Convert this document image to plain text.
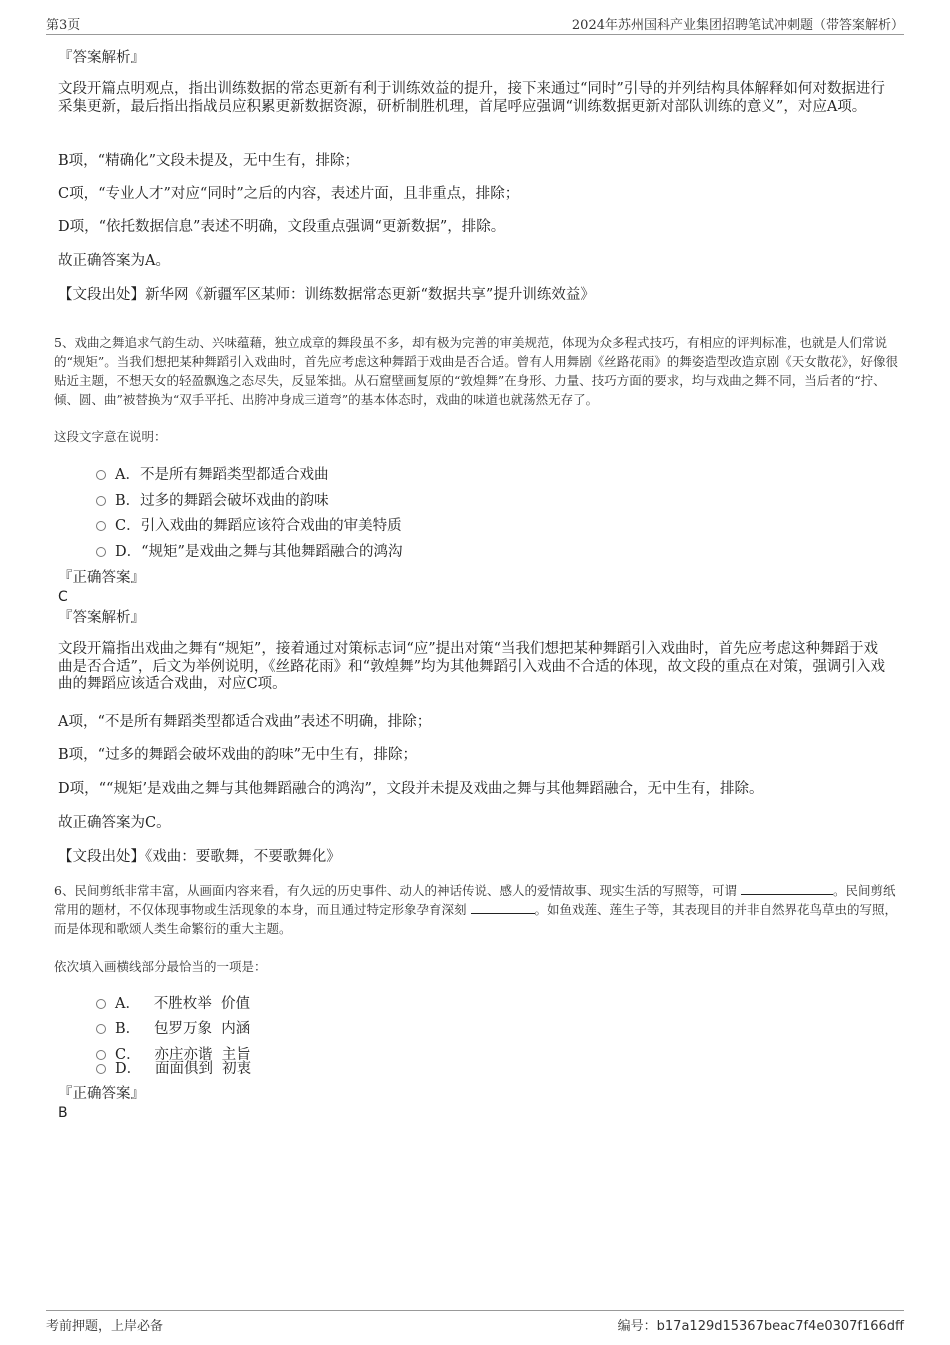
第3页	2024年苏州国科产业集团招聘笔试冲刺题（带答案解析）
『答案解析』
文段开篇点明观点，指出训练数据的常态更新有利于训练效益的提升，接下来通过“同时”引导的并列结构具体解释如何对数据进行采集更新，最后指出指战员应积累更新数据资源，研析制胜机理，首尾呼应强调“训练数据更新对部队训练的意义”，对应A项。
B项，“精确化”文段未提及，无中生有，排除；
C项，“专业人才”对应“同时”之后的内容，表述片面，且非重点，排除；
D项，“依托数据信息”表述不明确，文段重点强调“更新数据”，排除。
故正确答案为A。
【文段出处】新华网《新疆军区某师：训练数据常态更新“数据共享”提升训练效益》
5、戏曲之舞追求气韵生动、兴味蕴藉，独立成章的舞段虽不多，却有极为完善的审美规范，体现为众多程式技巧，有相应的评判标准，也就是人们常说的“规矩”。当我们想把某种舞蹈引入戏曲时，首先应考虑这种舞蹈于戏曲是否合适。曾有人用舞剧《丝路花雨》的舞姿造型改造京剧《天女散花》，好像很贴近主题，不想天女的轻盈飘逸之态尽失，反显笨拙。从石窟壁画复原的“敦煌舞”在身形、力量、技巧方面的要求，均与戏曲之舞不同，当后者的“拧、倾、圆、曲”被替换为“双手平托、出胯冲身成三道弯”的基本体态时，戏曲的味道也就荡然无存了。
这段文字意在说明：
A．不是所有舞蹈类型都适合戏曲
B．过多的舞蹈会破坏戏曲的韵味
C．引入戏曲的舞蹈应该符合戏曲的审美特质
D．“规矩”是戏曲之舞与其他舞蹈融合的鸿沟
『正确答案』
C
『答案解析』
文段开篇指出戏曲之舞有“规矩”，接着通过对策标志词“应”提出对策“当我们想把某种舞蹈引入戏曲时，首先应考虑这种舞蹈于戏曲是否合适”，后文为举例说明，《丝路花雨》和“敦煌舞”均为其他舞蹈引入戏曲不合适的体现，故文段的重点在对策，强调引入戏曲的舞蹈应该适合戏曲，对应C项。
A项，“不是所有舞蹈类型都适合戏曲”表述不明确，排除；
B项，“过多的舞蹈会破坏戏曲的韵味”无中生有，排除；
D项，““规矩’是戏曲之舞与其他舞蹈融合的鸿沟”，文段并未提及戏曲之舞与其他舞蹈融合，无中生有，排除。
故正确答案为C。
【文段出处】《戏曲：要歌舞，不要歌舞化》
6、民间剪纸非常丰富，从画面内容来看，有久远的历史事件、动人的神话传说、感人的爱情故事、现实生活的写照等，可谓	。民间剪纸常用的题材，不仅体现事物或生活现象的本身，而且通过特定形象孕育深刻	。如鱼戏莲、莲生子等，其表现目的并非自然界花鸟草虫的写照，而是体现和歌颂人类生命繁衍的重大主题。
依次填入画横线部分最恰当的一项是：
A．   不胜枚举  价值
B．   包罗万象  内涵
C．   亦庄亦谐  主旨
D．   面面俱到  初衷
『正确答案』
B
考前押题，上岸必备	编号：b17a129d15367beac7f4e0307f166dff
